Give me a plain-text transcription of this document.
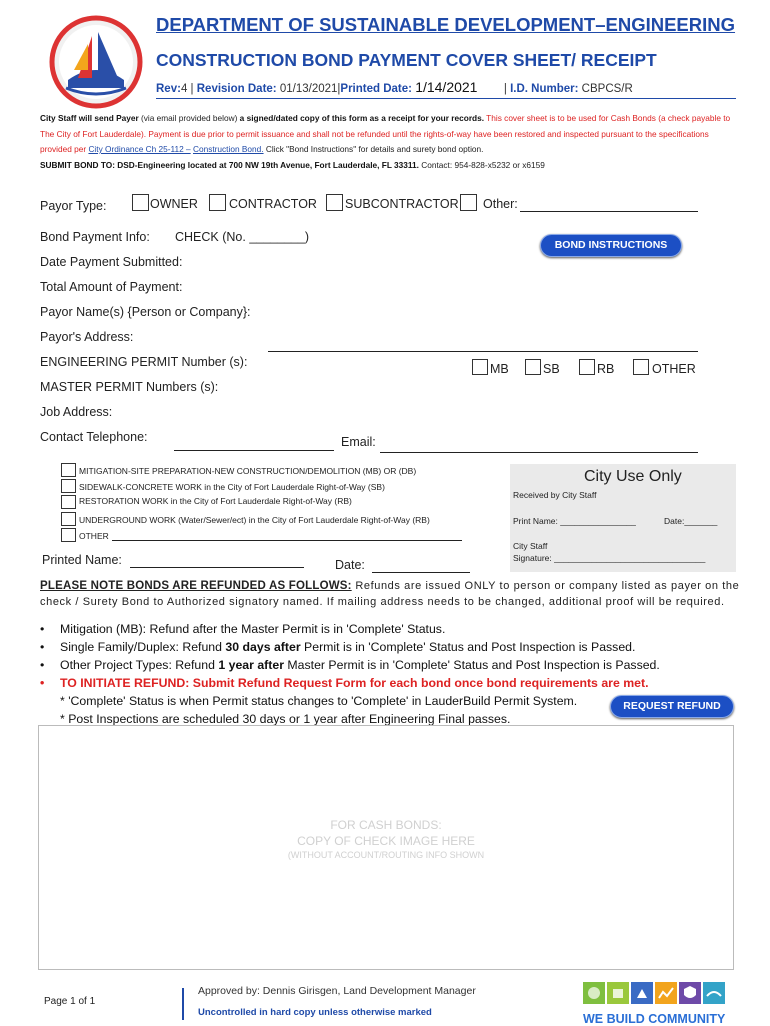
DEPARTMENT OF SUSTAINABLE DEVELOPMENT–ENGINEERING
CONSTRUCTION BOND PAYMENT COVER SHEET/ RECEIPT
Rev:4 | Revision Date: 01/13/2021|Printed Date: 1/14/2021 | I.D. Number: CBPCS/R
City Staff will send Payer (via email provided below) a signed/dated copy of this form as a receipt for your records. This cover sheet is to be used for Cash Bonds (a check payable to The City of Fort Lauderdale). Payment is due prior to permit issuance and shall not be refunded until the rights-of-way have been restored and inspected pursuant to the specifications provided per City Ordinance Ch 25-112 – Construction Bond. Click "Bond Instructions" for details and surety bond option.
SUBMIT BOND TO: DSD-Engineering located at 700 NW 19th Avenue, Fort Lauderdale, FL 33311. Contact: 954-828-x5232 or x6159
Payor Type:	OWNER CONTRACTOR SUBCONTRACTOR Other:
Bond Payment Info: CHECK (No. ________)
BOND INSTRUCTIONS
Date Payment Submitted:
Total Amount of Payment:
Payor Name(s) {Person or Company}:
Payor's Address:
ENGINEERING PERMIT Number (s):	MB	SB	RB	OTHER
MASTER PERMIT Numbers (s):
Job Address:
Contact Telephone:	Email:
MITIGATION-SITE PREPARATION-NEW CONSTRUCTION/DEMOLITION (MB) OR (DB)
SIDEWALK-CONCRETE WORK in the City of Fort Lauderdale Right-of-Way (SB)
RESTORATION WORK in the City of Fort Lauderdale Right-of-Way (RB)
UNDERGROUND WORK (Water/Sewer/ect) in the City of Fort Lauderdale Right-of-Way (RB)
OTHER
City Use Only
Received by City Staff
Print Name: ________________	Date:_______
City Staff
Signature: ________________________________
Printed Name:	Date:
PLEASE NOTE BONDS ARE REFUNDED AS FOLLOWS: Refunds are issued ONLY to person or company listed as payer on the check / Surety Bond to Authorized signatory named. If mailing address needs to be changed, additional proof will be required.
• Mitigation (MB): Refund after the Master Permit is in 'Complete' Status.
• Single Family/Duplex: Refund 30 days after Permit is in 'Complete' Status and Post Inspection is Passed.
• Other Project Types: Refund 1 year after Master Permit is in 'Complete' Status and Post Inspection is Passed.
• TO INITIATE REFUND: Submit Refund Request Form for each bond once bond requirements are met.
* 'Complete' Status is when Permit status changes to 'Complete' in LauderBuild Permit System.
* Post Inspections are scheduled 30 days or 1 year after Engineering Final passes.
REQUEST REFUND
FOR CASH BONDS:
COPY OF CHECK IMAGE HERE
(WITHOUT ACCOUNT/ROUTING INFO SHOWN
Page 1 of 1
Approved by: Dennis Girisgen, Land Development Manager
Uncontrolled in hard copy unless otherwise marked	WE BUILD COMMUNITY
